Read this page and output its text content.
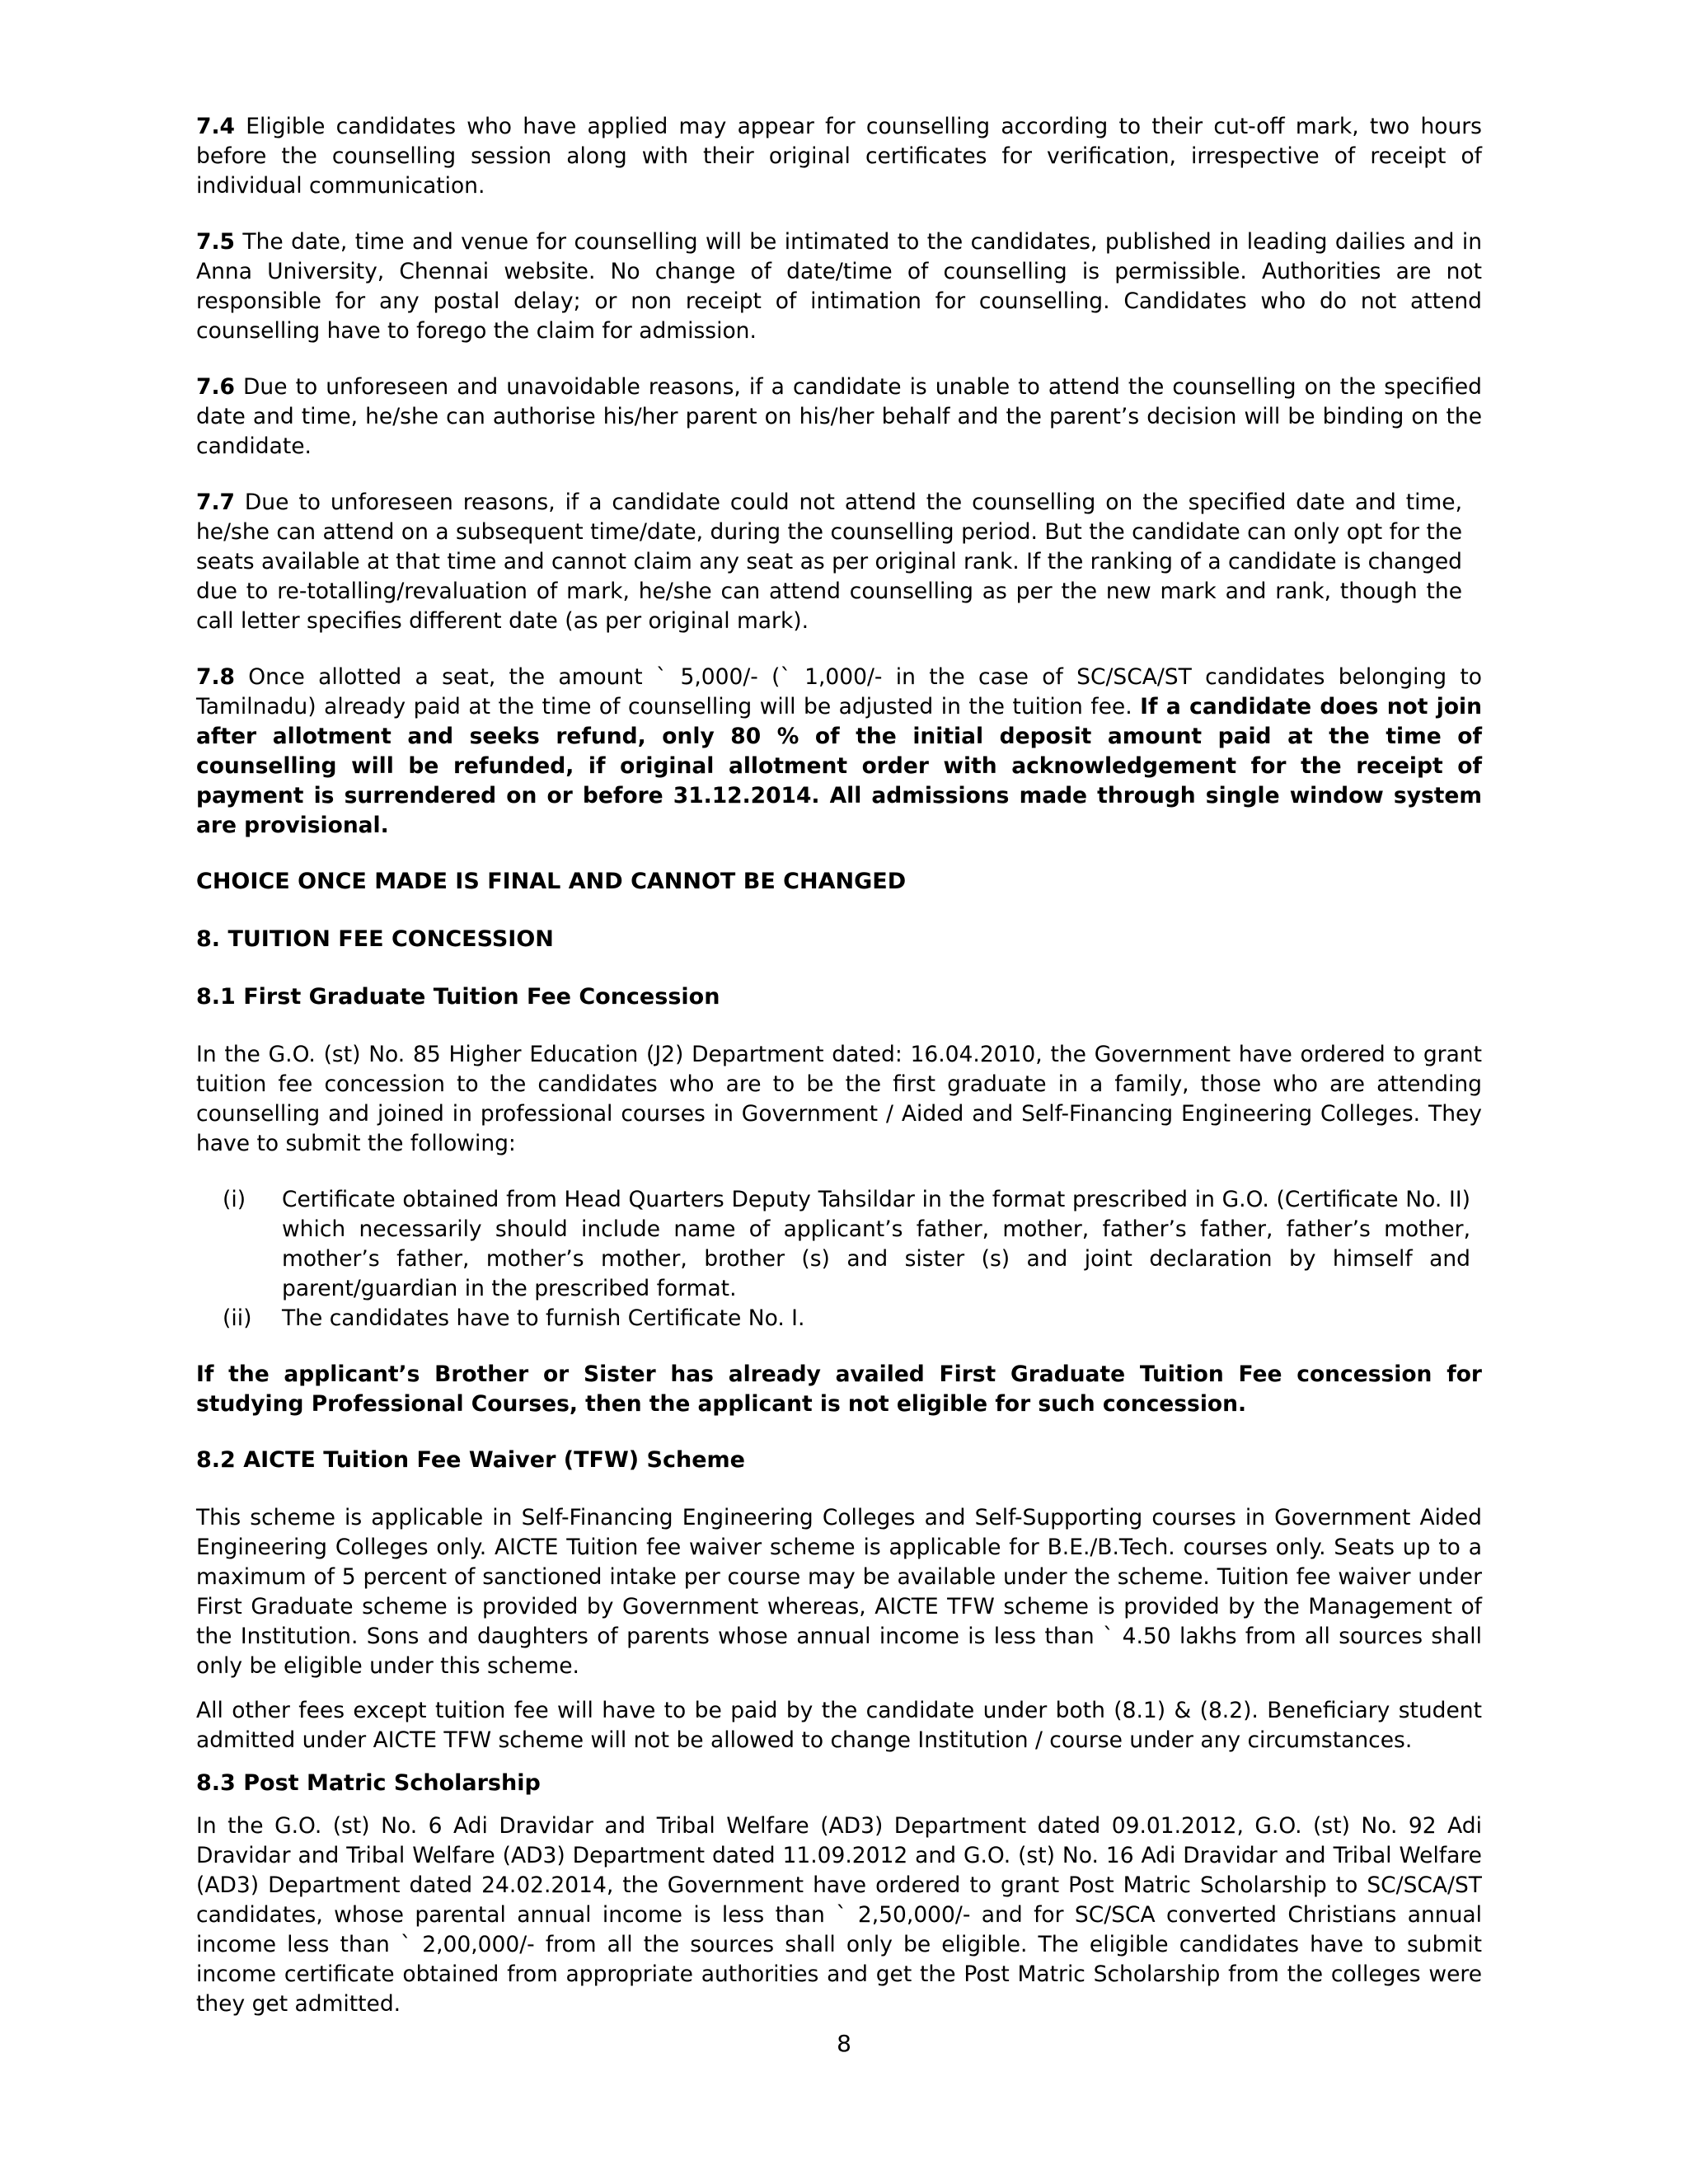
7.4 Eligible candidates who have applied may appear for counselling according to their cut-off mark, two hours before the counselling session along with their original certificates for verification, irrespective of receipt of individual communication.

7.5 The date, time and venue for counselling will be intimated to the candidates, published in leading dailies and in Anna University, Chennai website. No change of date/time of counselling is permissible. Authorities are not responsible for any postal delay; or non receipt of intimation for counselling. Candidates who do not attend counselling have to forego the claim for admission.

7.6 Due to unforeseen and unavoidable reasons, if a candidate is unable to attend the counselling on the specified date and time, he/she can authorise his/her parent on his/her behalf and the parent’s decision will be binding on the candidate.

7.7 Due to unforeseen reasons, if a candidate could not attend the counselling on the specified date and time, he/she can attend on a subsequent time/date, during the counselling period. But the candidate can only opt for the seats available at that time and cannot claim any seat as per original rank. If the ranking of a candidate is changed due to re-totalling/revaluation of mark, he/she can attend counselling as per the new mark and rank, though the call letter specifies different date (as per original mark).

7.8 Once allotted a seat, the amount ` 5,000/- (` 1,000/- in the case of SC/SCA/ST candidates belonging to Tamilnadu) already paid at the time of counselling will be adjusted in the tuition fee. If a candidate does not join after allotment and seeks refund, only 80 % of the initial deposit amount paid at the time of counselling will be refunded, if original allotment order with acknowledgement for the receipt of payment is surrendered on or before 31.12.2014. All admissions made through single window system are provisional.

CHOICE ONCE MADE IS FINAL AND CANNOT BE CHANGED
8. TUITION FEE CONCESSION
8.1 First Graduate Tuition Fee Concession

In the G.O. (st) No. 85 Higher Education (J2) Department dated: 16.04.2010, the Government have ordered to grant tuition fee concession to the candidates who are to be the first graduate in a family, those who are attending counselling and joined in professional courses in Government / Aided and Self-Financing Engineering Colleges. They have to submit the following:

(i)	Certificate obtained from Head Quarters Deputy Tahsildar in the format prescribed in G.O. (Certificate No. II) which necessarily should include name of applicant’s father, mother, father’s father, father’s mother, mother’s father, mother’s mother, brother (s) and sister (s) and joint declaration by himself and parent/guardian in the prescribed format.
(ii)	The candidates have to furnish Certificate No. I.

If the applicant’s Brother or Sister has already availed First Graduate Tuition Fee concession for studying Professional Courses, then the applicant is not eligible for such concession.

8.2 AICTE Tuition Fee Waiver (TFW) Scheme

This scheme is applicable in Self-Financing Engineering Colleges and Self-Supporting courses in Government Aided Engineering Colleges only. AICTE Tuition fee waiver scheme is applicable for B.E./B.Tech. courses only. Seats up to a maximum of 5 percent of sanctioned intake per course may be available under the scheme. Tuition fee waiver under First Graduate scheme is provided by Government whereas, AICTE TFW scheme is provided by the Management of the Institution. Sons and daughters of parents whose annual income is less than ` 4.50 lakhs from all sources shall only be eligible under this scheme.

All other fees except tuition fee will have to be paid by the candidate under both (8.1) & (8.2). Beneficiary student admitted under AICTE TFW scheme will not be allowed to change Institution / course under any circumstances.

8.3 Post Matric Scholarship

In the G.O. (st) No. 6 Adi Dravidar and Tribal Welfare (AD3) Department dated 09.01.2012, G.O. (st) No. 92 Adi Dravidar and Tribal Welfare (AD3) Department dated 11.09.2012 and G.O. (st) No. 16 Adi Dravidar and Tribal Welfare (AD3) Department dated 24.02.2014, the Government have ordered to grant Post Matric Scholarship to SC/SCA/ST candidates, whose parental annual income is less than ` 2,50,000/- and for SC/SCA converted Christians annual income less than ` 2,00,000/- from all the sources shall only be eligible. The eligible candidates have to submit income certificate obtained from appropriate authorities and get the Post Matric Scholarship from the colleges were they get admitted.

8
